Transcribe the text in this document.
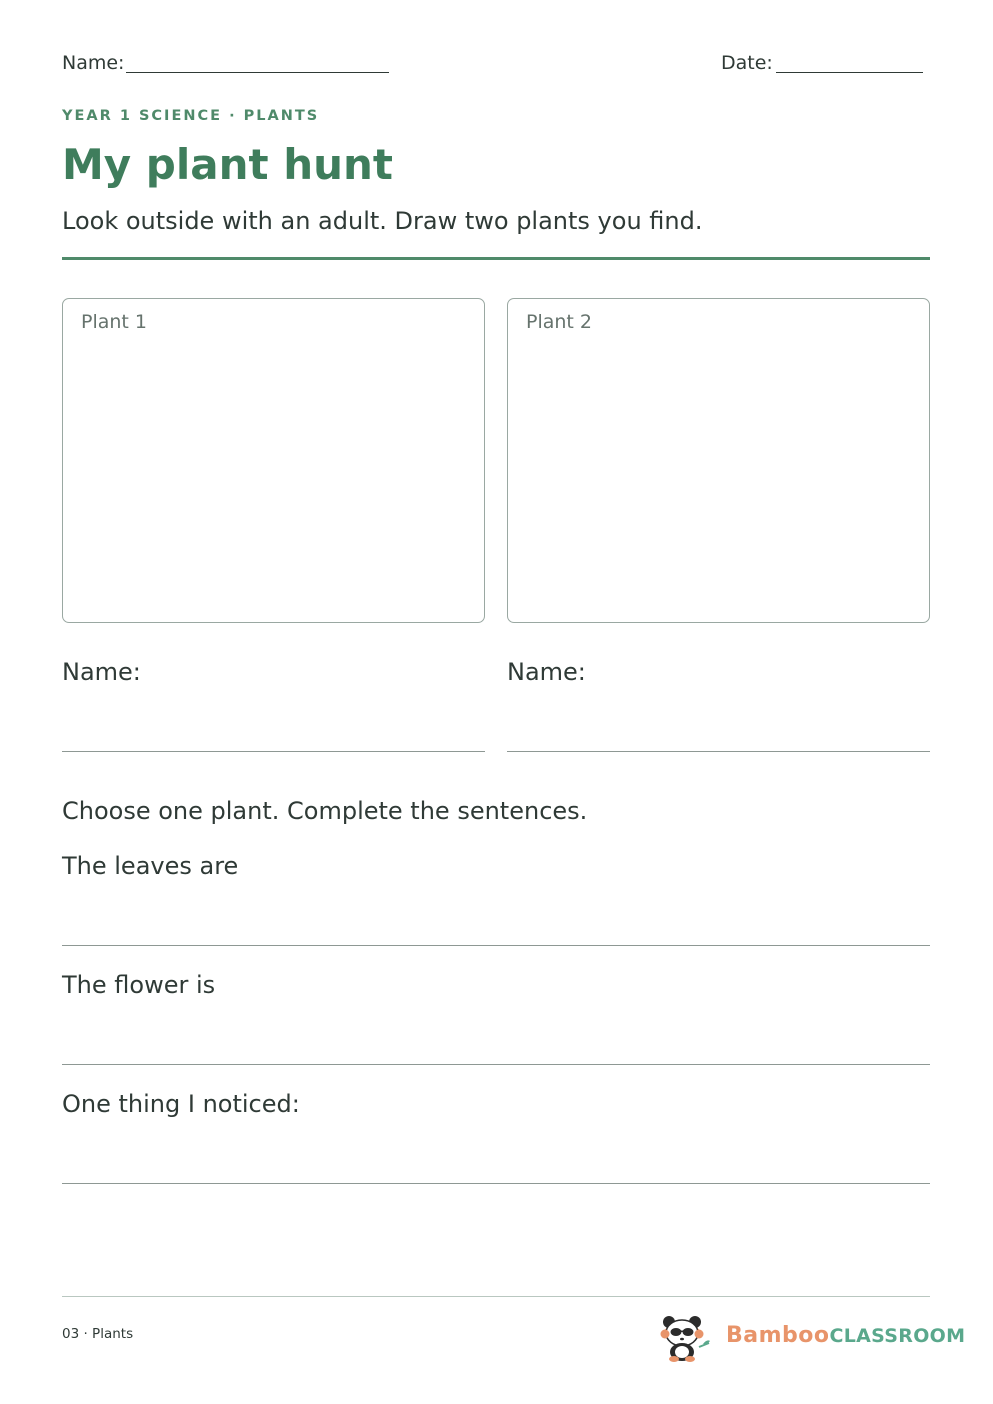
Name:	Date:
YEAR 1 SCIENCE · PLANTS
My plant hunt
Look outside with an adult. Draw two plants you find.
Plant 1	Plant 2
Name:	Name:
Choose one plant. Complete the sentences.
The leaves are
The flower is
One thing I noticed:
03 · Plants	BambooCLASSROOM
